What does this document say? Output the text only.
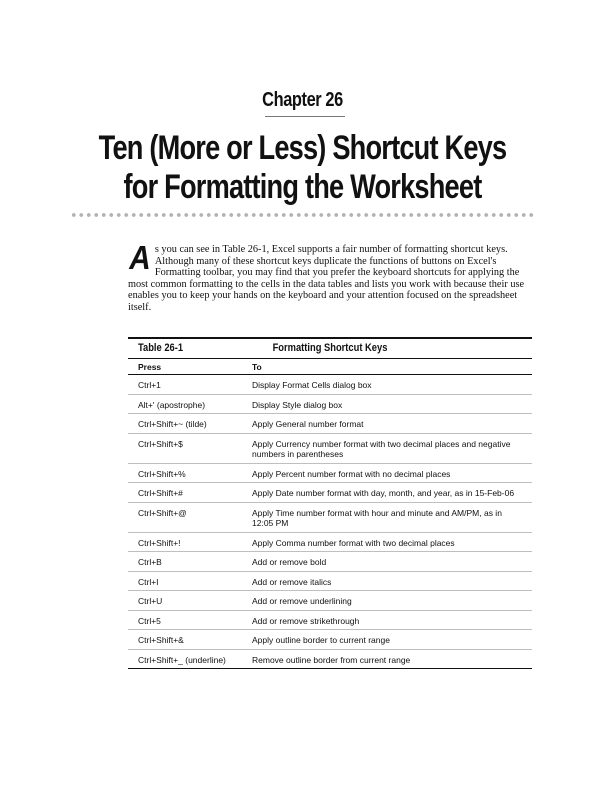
Chapter 26
Ten (More or Less) Shortcut Keys
for Formatting the Worksheet
As you can see in Table 26-1, Excel supports a fair number of formatting shortcut keys. Although many of these shortcut keys duplicate the functions of buttons on Excel's Formatting toolbar, you may find that you prefer the keyboard shortcuts for applying the most common formatting to the cells in the data tables and lists you work with because their use enables you to keep your hands on the keyboard and your attention focused on the spreadsheet itself.
Formatting Shortcut Keys
Table 26-1
Press	To
Ctrl+1	Display Format Cells dialog box
Alt+' (apostrophe)	Display Style dialog box
Ctrl+Shift+~ (tilde)	Apply General number format
Ctrl+Shift+$	Apply Currency number format with two decimal places and negative numbers in parentheses
Ctrl+Shift+%	Apply Percent number format with no decimal places
Ctrl+Shift+#	Apply Date number format with day, month, and year, as in 15-Feb-06
Ctrl+Shift+@	Apply Time number format with hour and minute and AM/PM, as in 12:05 PM
Ctrl+Shift+!	Apply Comma number format with two decimal places
Ctrl+B	Add or remove bold
Ctrl+I	Add or remove italics
Ctrl+U	Add or remove underlining
Ctrl+5	Add or remove strikethrough
Ctrl+Shift+&	Apply outline border to current range
Ctrl+Shift+_ (underline)	Remove outline border from current range
